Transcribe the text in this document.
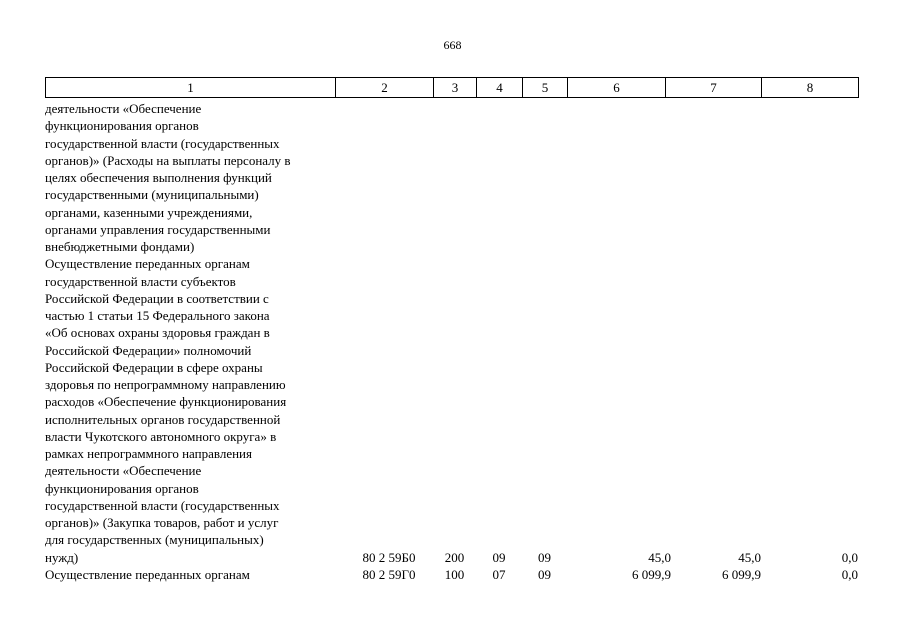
668
1	2	3	4	5	6	7	8
деятельности «Обеспечение
функционирования органов
государственной власти (государственных
органов)» (Расходы на выплаты персоналу в
целях обеспечения выполнения функций
государственными (муниципальными)
органами, казенными учреждениями,
органами управления государственными
внебюджетными фондами)
Осуществление переданных органам
государственной власти субъектов
Российской Федерации в соответствии с
частью 1 статьи 15 Федерального закона
«Об основах охраны здоровья граждан в
Российской Федерации» полномочий
Российской Федерации в сфере охраны
здоровья по непрограммному направлению
расходов «Обеспечение функционирования
исполнительных органов государственной
власти Чукотского автономного округа» в
рамках непрограммного направления
деятельности «Обеспечение
функционирования органов
государственной власти (государственных
органов)» (Закупка товаров, работ и услуг
для государственных (муниципальных)
нужд)	80 2 59Б0	200	09	09	45,0	45,0	0,0
Осуществление переданных органам	80 2 59Г0	100	07	09	6 099,9	6 099,9	0,0
